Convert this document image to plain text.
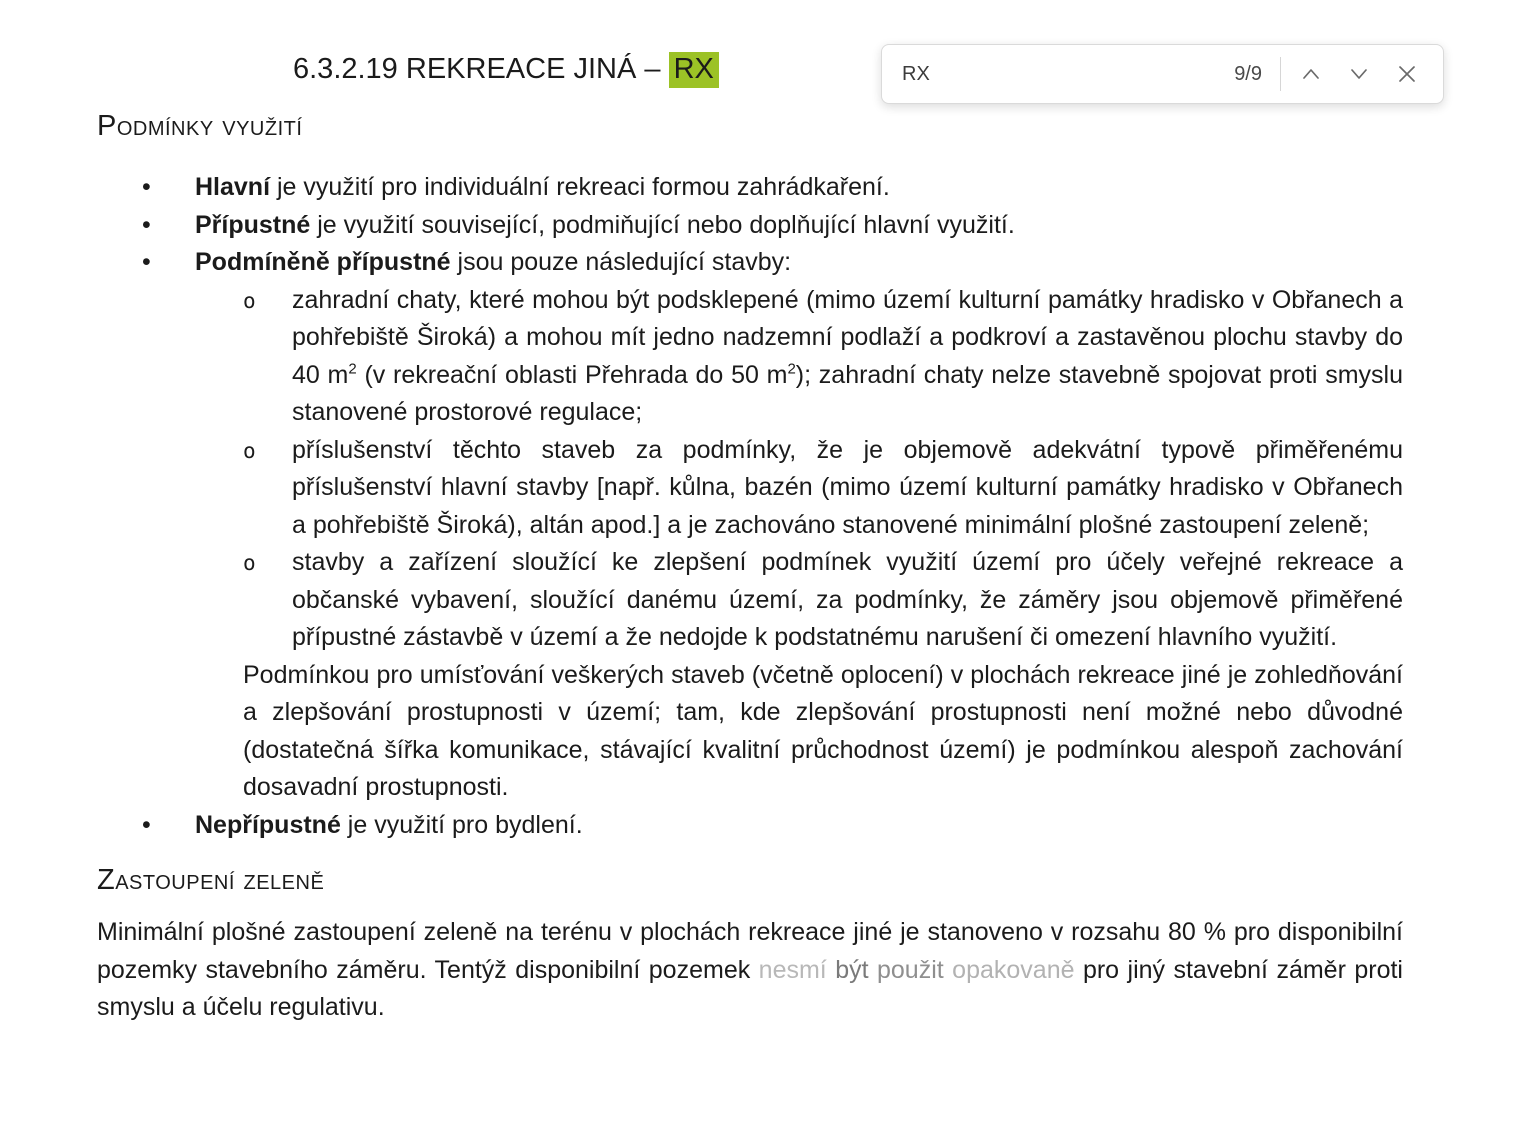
6.3.2.19 REKREACE JINÁ – RX
RX	9/9
Podmínky využití
• Hlavní je využití pro individuální rekreaci formou zahrádkaření.
• Přípustné je využití související, podmiňující nebo doplňující hlavní využití.
• Podmíněně přípustné jsou pouze následující stavby:
o zahradní chaty, které mohou být podsklepené (mimo území kulturní památky hradisko v Obřanech a pohřebiště Široká) a mohou mít jedno nadzemní podlaží a podkroví a zastavěnou plochu stavby do 40 $m^2$ (v rekreační oblasti Přehrada do 50 $m^2$); zahradní chaty nelze stavebně spojovat proti smyslu stanovené prostorové regulace;
o příslušenství těchto staveb za podmínky, že je objemově adekvátní typově přiměřenému příslušenství hlavní stavby [např. kůlna, bazén (mimo území kulturní památky hradisko v Obřanech a pohřebiště Široká), altán apod.] a je zachováno stanovené minimální plošné zastoupení zeleně;
o stavby a zařízení sloužící ke zlepšení podmínek využití území pro účely veřejné rekreace a občanské vybavení, sloužící danému území, za podmínky, že záměry jsou objemově přiměřené přípustné zástavbě v území a že nedojde k podstatnému narušení či omezení hlavního využití.

Podmínkou pro umísťování veškerých staveb (včetně oplocení) v plochách rekreace jiné je zohledňování a zlepšování prostupnosti v území; tam, kde zlepšování prostupnosti není možné nebo důvodné (dostatečná šířka komunikace, stávající kvalitní průchodnost území) je podmínkou alespoň zachování dosavadní prostupnosti.

• Nepřípustné je využití pro bydlení.
Zastoupení zeleně

Minimální plošné zastoupení zeleně na terénu v plochách rekreace jiné je stanoveno v rozsahu 80 % pro disponibilní pozemky stavebního záměru. Tentýž disponibilní pozemek nesmí být použit opakovaně pro jiný stavební záměr proti smyslu a účelu regulativu.
